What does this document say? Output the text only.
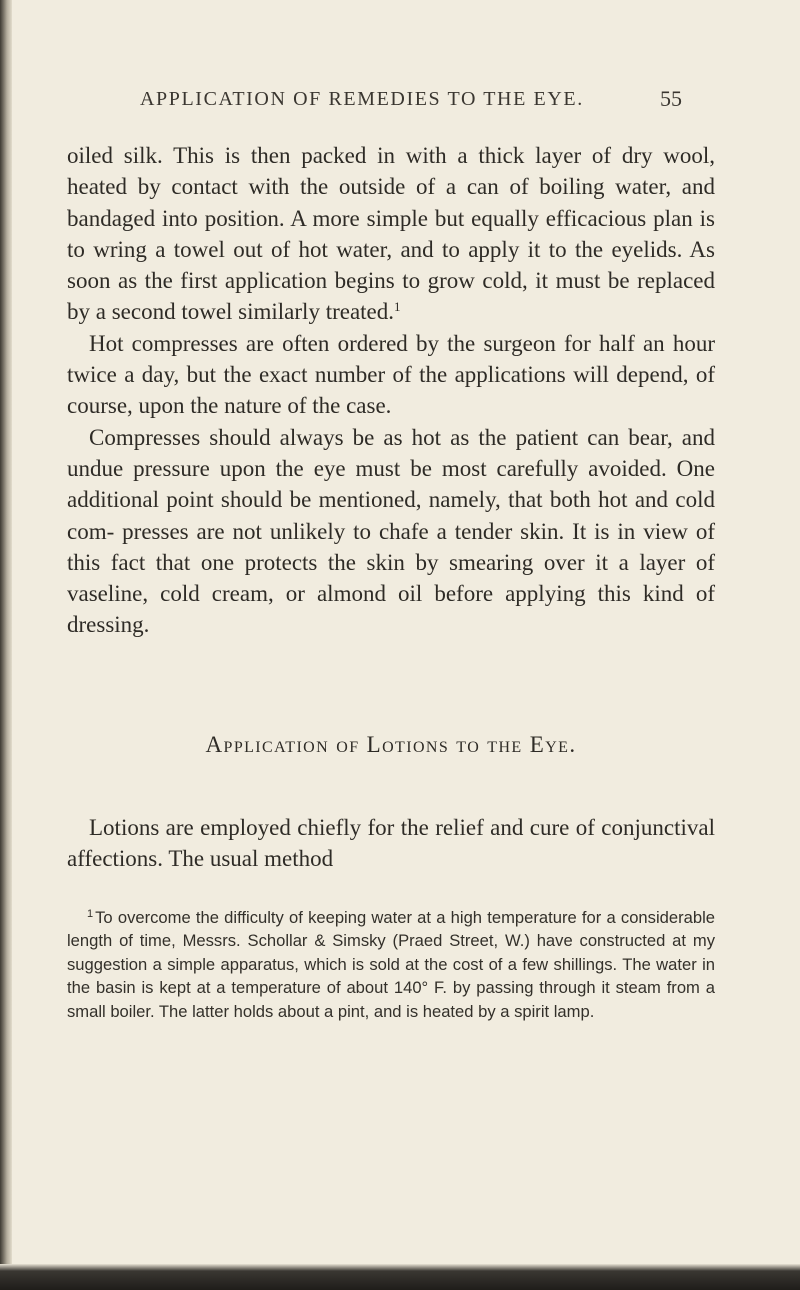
APPLICATION OF REMEDIES TO THE EYE.	55

oiled silk. This is then packed in with a thick layer of dry wool, heated by contact with the outside of a can of boiling water, and bandaged into position. A more simple but equally efficacious plan is to wring a towel out of hot water, and to apply it to the eyelids. As soon as the first application begins to grow cold, it must be replaced by a second towel similarly treated.$^1$

Hot compresses are often ordered by the surgeon for half an hour twice a day, but the exact number of the applications will depend, of course, upon the nature of the case.

Compresses should always be as hot as the patient can bear, and undue pressure upon the eye must be most carefully avoided. One additional point should be mentioned, namely, that both hot and cold com- presses are not unlikely to chafe a tender skin. It is in view of this fact that one protects the skin by smearing over it a layer of vaseline, cold cream, or almond oil before applying this kind of dressing.

Application of Lotions to the Eye.

Lotions are employed chiefly for the relief and cure of conjunctival affections. The usual method

$^1$ To overcome the difficulty of keeping water at a high temperature for a considerable length of time, Messrs. Schollar & Simsky (Praed Street, W.) have constructed at my suggestion a simple apparatus, which is sold at the cost of a few shillings. The water in the basin is kept at a temperature of about 140° F. by passing through it steam from a small boiler. The latter holds about a pint, and is heated by a spirit lamp.
